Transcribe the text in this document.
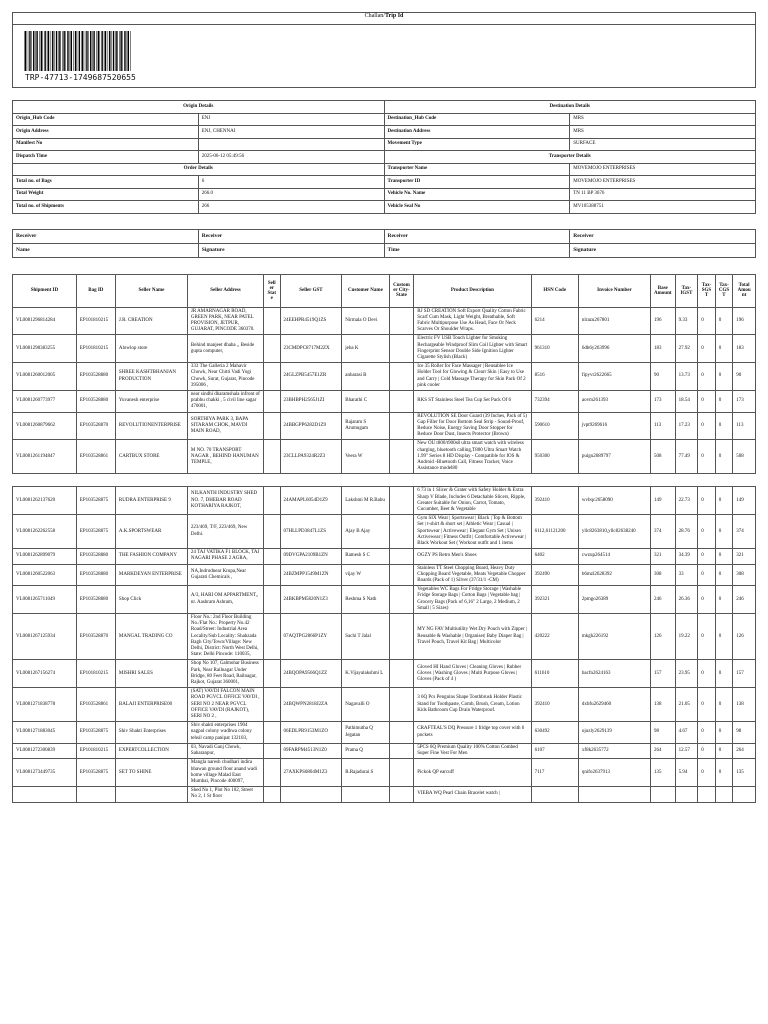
Challan/Trip Id
TRP-47713-1749687520655
Origin Details		Destination Details	
Origin_Hub Code	ENJ	Destination_Hub Code	MRS
Origin Address	ENJ, CHENNAI	Destination Address	MRS
Manifest No		Movement Type	SURFACE
Dispatch Time	2025-06-12 05:49:56	Transporter Details	
Order Details		Transporter Name	MOVEMOJO ENTERPRISES
Total no. of Bags	6	Transporter ID	MOVEMOJO ENTERPRISES
Total Weight	266.0	Vehicle No. Name	TN 11 BP 3676
Total no. of Shipments	266	Vehicle Seal No	MV105388751
Receiver	Receiver	Receiver	Receiver
Name	Signature	Time	Signature
Shipment ID	Bag ID	Seller Name	Seller Address	Seller State	Seller GST	Customer Name	Customer City-State	Product Description	HSN Code	Invoice Number	Base Amount	Tax-IGST	Tax-SGST	Tax-CGST	Total Amount
VL0081296814284	EP101810215	J.R. CREATION	JR AMARNAGAR ROAD, GREEN PARK, NEAR PATEL PROVISION, JETPUR, GUJARAT, PINCODE 360370.		24EEHPR4519Q1ZS	Nirmala O Devi		RJ SD CREATION Soft Export Quality Cotton Fabric Scarf Cum Mask, Light Weight, Breathable, Soft Fabric Multipurpose Use As Head, Face Or Neck Scarves Or Shoulder Wraps.	6214	nlrazu267801	196	9.33	0	0	196
VL0081298383255	EP101810215	Alowlop store	Behind manjeet dhaba ,, Beside gupta computer,		23CMDPC8717M2ZX	jeba K		Electric FV USB Touch Lighter for Smoking Rechargeable Windproof Slim Coil Lighter with Smart Fingerprint Sensor Double Side Ignition Lighter Cigarette Stylish (Black)	961310	6dh6y263996	183	27.92	0	0	183
VL0081260012005	EP103528880	SHREE KASHTBHANJAN PRODUCTION	333 The Galleria 2 Mahavir Chowk, Near Chitti Vadi Yogi Chowk, Surat, Gujarat, Pincode 395006 ,		24GLZPB5457E1ZR	anbarasi B		Ice 35 Roller for Face Massager | Reusablee Ice Holder Tool for Glowing & Clearr Skin | Easy to Use and Carry | Cold Massage Therapy for Skin Pack Of 2 pink cooler	8516	fipyvr2622665	90	13.73	0	0	90
VL0081260773977	EP103528880	Yuvanesh enterprise	near sindhi dharamshala infront of prabhu chakki , 5 civil line sagar 470001,		23BHBPH2565J1ZI	Bharathi C		RKS ST Stainless Steel Tea Cup Set Pack Of 6	732394	aovm261393	173	18.54	0	0	173
VL0081260879662	EP103528870	REVOLUTIONENTERPRISE	SORTHIYA PARK 3, BAPA SITARAM CHOK, MAVDI MAIN ROAD,		24BBGPP6282D1Z9	Rajaram S Arumugam		REVOLUTION SE Door Guard (39 Inches, Pack of 5) Gap Filler for Door Bottom Seal Strip - Sound-Proof, Reduce Noise, Energy Saving Door Stopper for Reduce Door Dust, Insects Protector (Brown)	590610	jvpt9269616	113	17.23	0	0	113
VL0081261194847	EP103528861	CARTBUX STORE	M NO. 70 TRANSPORT NAGAR , BEHIND HANUMAN TEMPLE,		23CLLPA9324R2Z3	Veera W		New OU t800/t900s8 ultra smart watch with wireless charging, bluetooth calling,T800 Ultra Smart Watch 1.99" Series 8 HD Display - Compatible for IOS & Android -Bluetooth Call, Fitness Tracker, Voice Assistance model80	950300	puigu2689797	508	77.49	0	0	508
VL0081262137620	EP103528875	RUDRA ENTERPRISE 9	NILKANTH INDUSTRY SHED NO. 7, DHEBAR ROAD KOTHARIYA RAJKOT,		24AMAPL6054D1Z9	Lakshmi M R.Babu		6 73 in 1 Slicer & Grater with Safety Holder & Extra Sharp V Blade, Includes 6 Detachable Slicers, Ripple, Greater Suitable for Onion, Carrot, Tomato, Cucumber, Beet & Vegetable	392410	wvbqc2658090	149	22.73	0	0	149
VL0081262262558	EP103528875	A.K.SPORTSWEAR	223/469, T/F, 223/469, New Delhi.		07HLLPD3847L1ZS	Ajay B Ajay		Gym SIX Wear | Sportswear | Black | Top & Bottom Set | t-shirt & short set | Athletic Wear | Casual | Sportswear | Activewear | Elegant Gym Set | Unisex Activewear | Fitness Outfit | Comfortable Activewear | Black Workout Set ( Workout outfit and 1 items	6112,61121200	yllc8263810,yllc82638240	374	28.76	0	0	374
VL0081262899079	EP103528880	THE FASHION COMPANY	24 TAJ VATIKA F1 BLOCK, TAJ NAGARI PHASE 2 AGRA,		09DVGPA2109B1ZN	Ramesh S C		OGZY PS Retro Men's Shoes	6402	cwzup264514	321	34.39	0	0	321
VL0081260522063	EP103528880	MARKDEYAN ENTERPRISE	NA,Indrodnear Krupa,Near Gujarati Chemicals ,		24BZMPP1549M1ZN	vijay W		Stainless TT Steel Chopping Board, Heavy Duty Chopping Board Vegetable, Meats Vegetable Chopper Boards (Pack of 1) Silver (37/31/1 -CM)	392490	b6mzl2628392	308	33	0	0	308
VL0081265711049	EP103528880	Shop Click	A/3, HARI OM APPARTMENT,, nr. Aashram Ashram,		24BKBPM5820N1Z3	Reshma S Nath		Vegetables WC Bags For Fridge Storage | Washable Fridge Storage Bags | Cotton Bags | Vegetable bag | Grocery Bags (Pack of 6,16" 2 Large, 2 Medium, 2 Small | 5 Sizes)	392321	2pmgo26389	246	26.36	0	0	246
VL0081267125934	EP103528870	MANGAL TRADING CO	Floor No.: 2nd Floor Building No./Flat No.: Property No.42 Road/Street: Industrial Area Locality/Sub Locality: Shahzada Bagh City/Town/Village: New Delhi, District: North West Delhi, State: Delhi Pincode: 110035,		07AQTPG2866P1ZY	Sachi T Jalal		MY NG FAV Multiutility Wet Dry Pouch with Zipper | Reusable & Washable | Organiser| Baby Diaper Bag | Travel Pouch, Travel Kit Bag | Multicolor	420222	mkgh226192	126	19.22	0	0	126
VL0081267156274	EP101810215	MISHRI SALES	Shop No 107, Galmohar Business Park, Near Railnagar Under Bridge, 80 Feet Road, Railnagar, Rajkot, Gujarat 360001,		24BQOPA9566Q1ZZ	K.Vijayalakshmi L		Gloved HI Hand Gloves | Cleaning Gloves | Rubber Gloves | Washing Gloves | Multi Purpose Gloves | Gloves (Pack of 4 )	611610	bacfn2624163	157	23.95	0	0	157
VL0081271838778	EP103528861	BALAJI ENTERPRISE00	(SAT) VAVDI FALCON MAIN ROAD PGVCL OFFICE VAVDI , SERI NO 2 NEAR PGVCL OFFICE VAVDI (RAJKOT), SERI NO 2 ,		24BQWPN2818J2ZA	Nagavalli O		3 6Q Pcs Penguins Shape Toothbrush Holder Plastic Stand for Toothpaste, Comb, Brush, Cream, Lotion Kids Bathroom Cup Drain Waterproof.	392410	dxbfu2629460	138	21.05	0	0	138
VL0081271883045	EP103528875	Shiv Shakti Enterprises	Shiv shakti enterprises 1904 nagpal colony wadhwa colony tehsil camp panipat 132103,		06EDLPR9153M1ZO	Pathimutha Q Jegatan		CRAFTEAL'S DQ Pressure 1 fridge top cover with 6 pockets	630492	ojuzly2629139	98	4.67	0	0	98
VL0081272300839	EP101810215	EXPERTCOLLECTION	03, Navadi Ganj Chowk, Saharanpur,		09FARPM4513N1Z0	Prama Q		5PCS 6Q Premium Quality 100% Cotton Combed Super Fine Vest For Men	6107	xf8k2635772	264	12.57	0	0	264
VL0081273449735	EP103528875	SET TO SHINE	Mangla naresh chudhari indira bhawan ground floor anand wadi home village Malad East Mumbai, Pincode 400097,		27AXKPS0804M1Z3	R.Rajadurai S		Pickok QP earcuff	7117	qnifo2637913	135	5.94	0	0	135
			Shed No 1, Plot No 102, Street No 2, 1 St floor					VIEBA WQ Pearl Chain Bracelet watch |							
